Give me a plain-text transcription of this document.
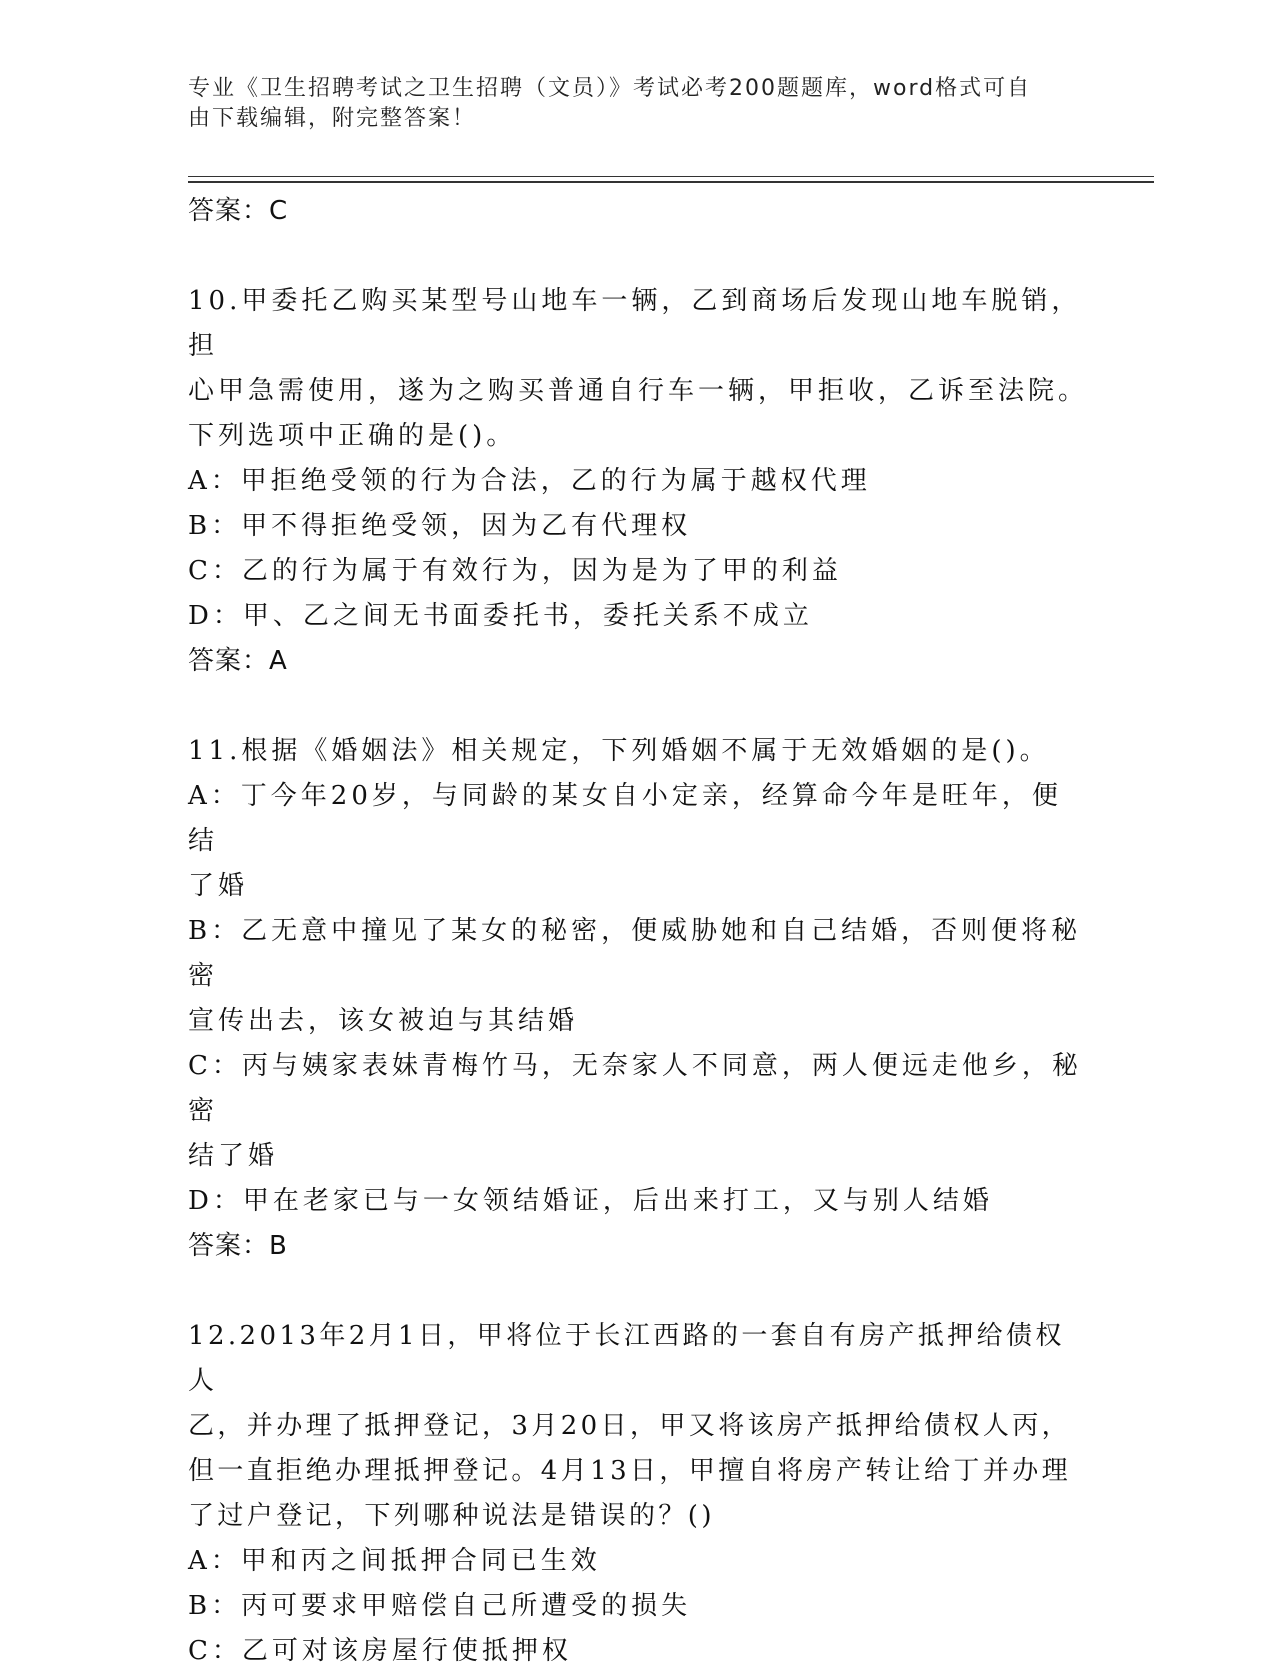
专业《卫生招聘考试之卫生招聘（文员）》考试必考200题题库，word格式可自
由下载编辑，附完整答案！
答案：C
10.甲委托乙购买某型号山地车一辆，乙到商场后发现山地车脱销，担
心甲急需使用，遂为之购买普通自行车一辆，甲拒收，乙诉至法院。
下列选项中正确的是()。
A：甲拒绝受领的行为合法，乙的行为属于越权代理
B：甲不得拒绝受领，因为乙有代理权
C：乙的行为属于有效行为，因为是为了甲的利益
D：甲、乙之间无书面委托书，委托关系不成立
答案：A
11.根据《婚姻法》相关规定，下列婚姻不属于无效婚姻的是()。
A：丁今年20岁，与同龄的某女自小定亲，经算命今年是旺年，便结
了婚
B：乙无意中撞见了某女的秘密，便威胁她和自己结婚，否则便将秘密
宣传出去，该女被迫与其结婚
C：丙与姨家表妹青梅竹马，无奈家人不同意，两人便远走他乡，秘密
结了婚
D：甲在老家已与一女领结婚证，后出来打工，又与别人结婚
答案：B
12.2013年2月1日，甲将位于长江西路的一套自有房产抵押给债权人
乙，并办理了抵押登记，3月20日，甲又将该房产抵押给债权人丙，
但一直拒绝办理抵押登记。4月13日，甲擅自将房产转让给丁并办理
了过户登记，下列哪种说法是错误的？()
A：甲和丙之间抵押合同已生效
B：丙可要求甲赔偿自己所遭受的损失
C：乙可对该房屋行使抵押权
